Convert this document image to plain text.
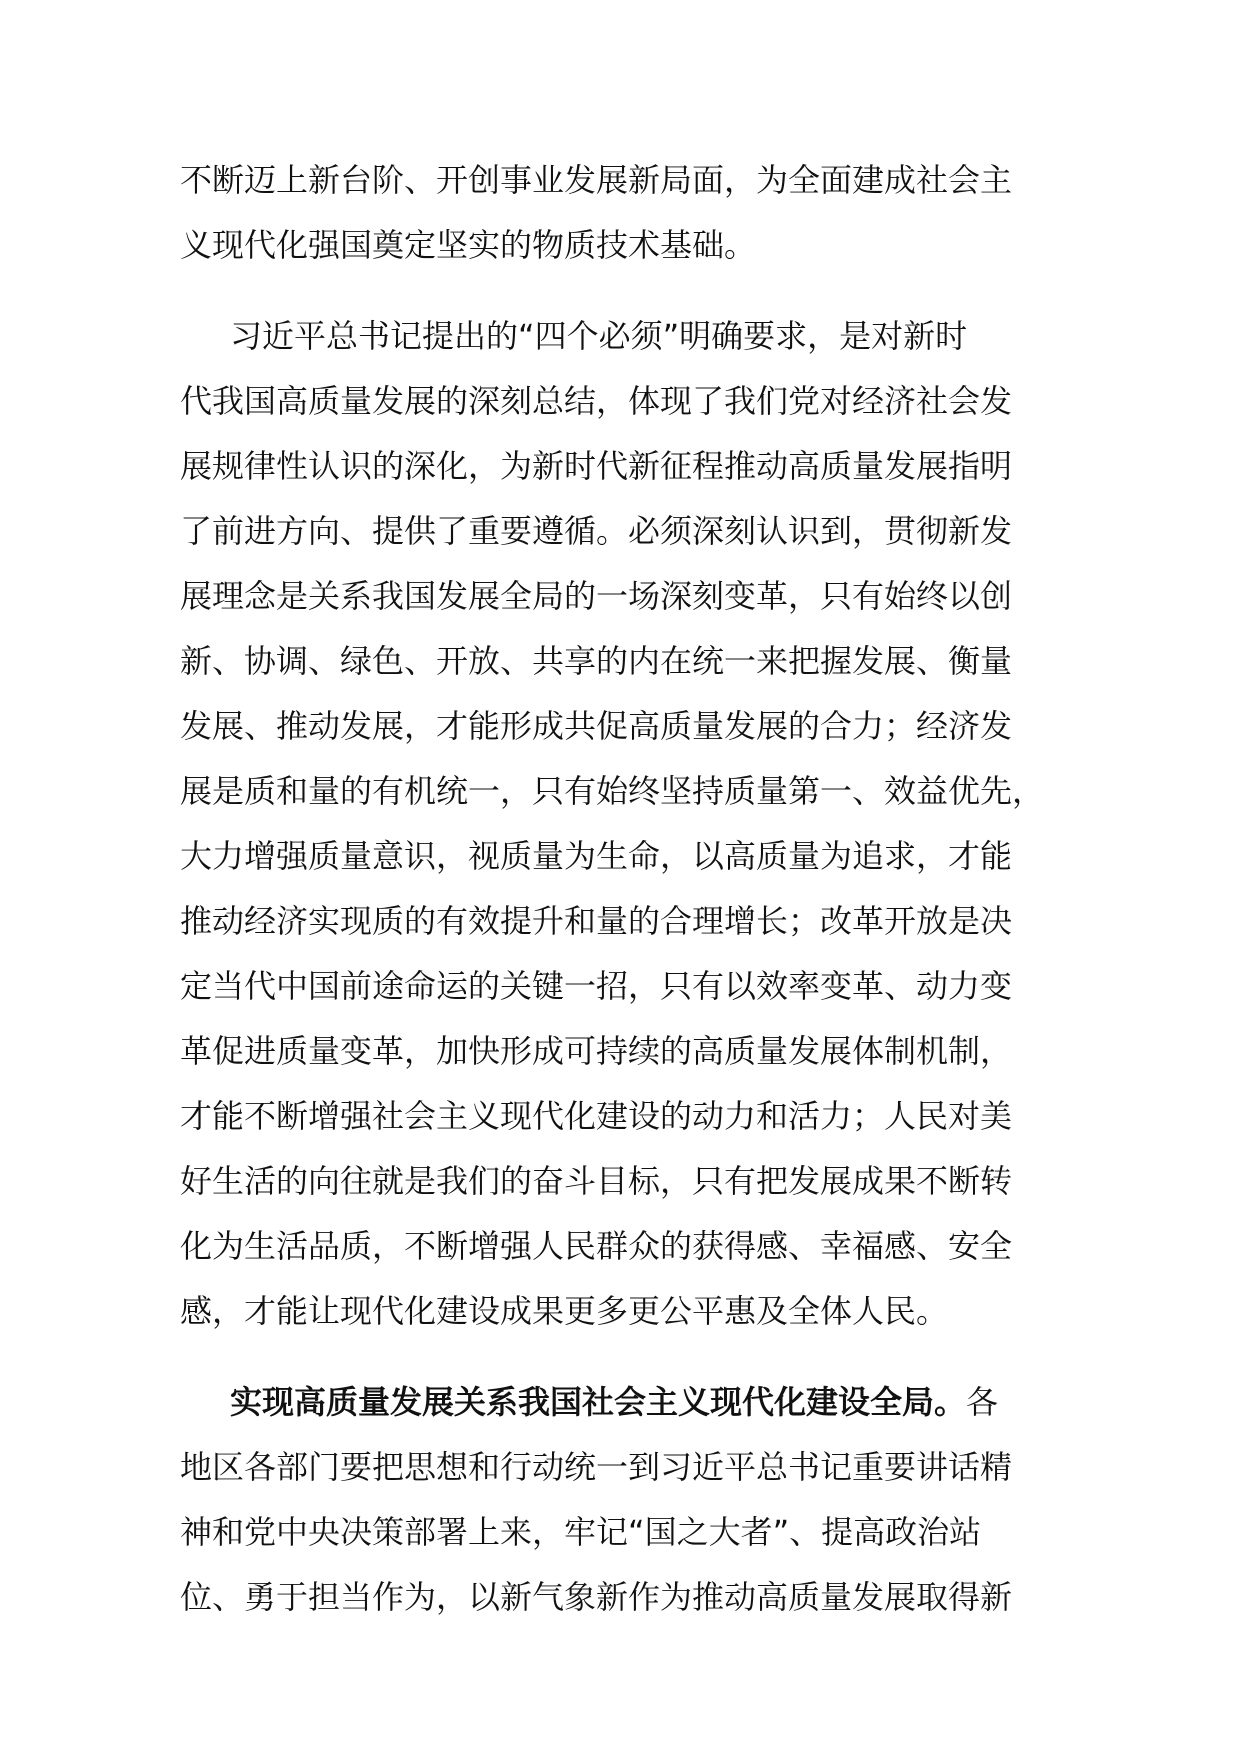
不断迈上新台阶、开创事业发展新局面，为全面建成社会主
义现代化强国奠定坚实的物质技术基础。
习近平总书记提出的“四个必须”明确要求，是对新时
代我国高质量发展的深刻总结，体现了我们党对经济社会发
展规律性认识的深化，为新时代新征程推动高质量发展指明
了前进方向、提供了重要遵循。必须深刻认识到，贯彻新发
展理念是关系我国发展全局的一场深刻变革，只有始终以创
新、协调、绿色、开放、共享的内在统一来把握发展、衡量
发展、推动发展，才能形成共促高质量发展的合力；经济发
展是质和量的有机统一，只有始终坚持质量第一、效益优先，
大力增强质量意识，视质量为生命，以高质量为追求，才能
推动经济实现质的有效提升和量的合理增长；改革开放是决
定当代中国前途命运的关键一招，只有以效率变革、动力变
革促进质量变革，加快形成可持续的高质量发展体制机制，
才能不断增强社会主义现代化建设的动力和活力；人民对美
好生活的向往就是我们的奋斗目标，只有把发展成果不断转
化为生活品质，不断增强人民群众的获得感、幸福感、安全
感，才能让现代化建设成果更多更公平惠及全体人民。
实现高质量发展关系我国社会主义现代化建设全局。各
地区各部门要把思想和行动统一到习近平总书记重要讲话精
神和党中央决策部署上来，牢记“国之大者”、提高政治站
位、勇于担当作为，以新气象新作为推动高质量发展取得新
